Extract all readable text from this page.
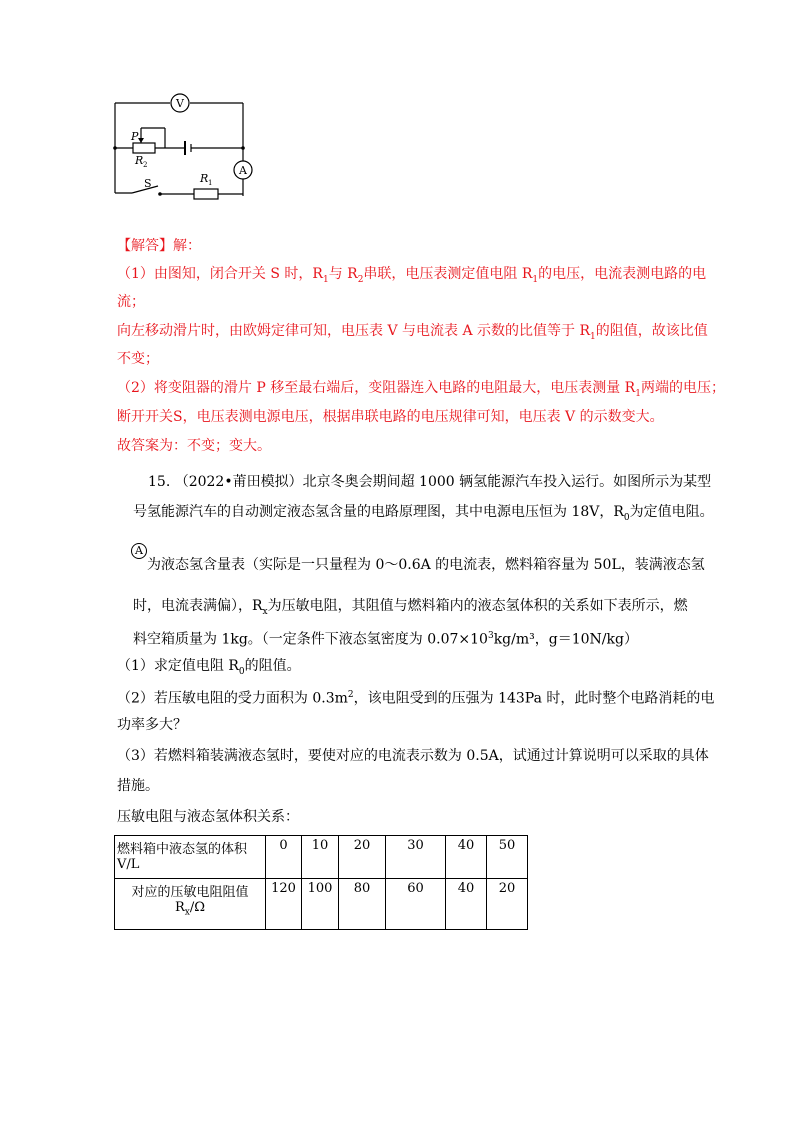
V
A
P
R 2
R 1
S
【解答】解：
（1）由图知，闭合开关 S 时，$R_1$与 $R_2$串联，电压表测定值电阻 $R_1$的电压，电流表测电路的电
流；
向左移动滑片时，由欧姆定律可知，电压表 V 与电流表 A 示数的比值等于 $R_1$的阻值，故该比值
不变；
（2）将变阻器的滑片 P 移至最右端后，变阻器连入电路的电阻最大，电压表测量 $R_1$两端的电压；
断开开关S，电压表测电源电压，根据串联电路的电压规律可知，电压表 V 的示数变大。
故答案为：不变；变大。
15. （2022•莆田模拟）北京冬奥会期间超 1000 辆氢能源汽车投入运行。如图所示为某型
号氢能源汽车的自动测定液态氢含量的电路原理图，其中电源电压恒为 18V，$R_0$为定值电阻。
A
为液态氢含量表（实际是一只量程为 0～0.6A 的电流表，燃料箱容量为 50L，装满液态氢
时，电流表满偏），$R_x$为压敏电阻，其阻值与燃料箱内的液态氢体积的关系如下表所示，燃
料空箱质量为 1kg。（一定条件下液态氢密度为 $0.07\times 10^3kg/m^3$，g＝10N/kg）
（1）求定值电阻 $R_0$的阻值。
（2）若压敏电阻的受力面积为 $0.3m^2$，该电阻受到的压强为 143Pa 时，此时整个电路消耗的电
功率多大？
（3）若燃料箱装满液态氢时，要使对应的电流表示数为 0.5A，试通过计算说明可以采取的具体
措施。
压敏电阻与液态氢体积关系：
燃料箱中液态氢的体积 V/L	0	10	20	30	40	50
对应的压敏电阻阻值
$R_x/\Omega$	120	100	80	60	40	20
